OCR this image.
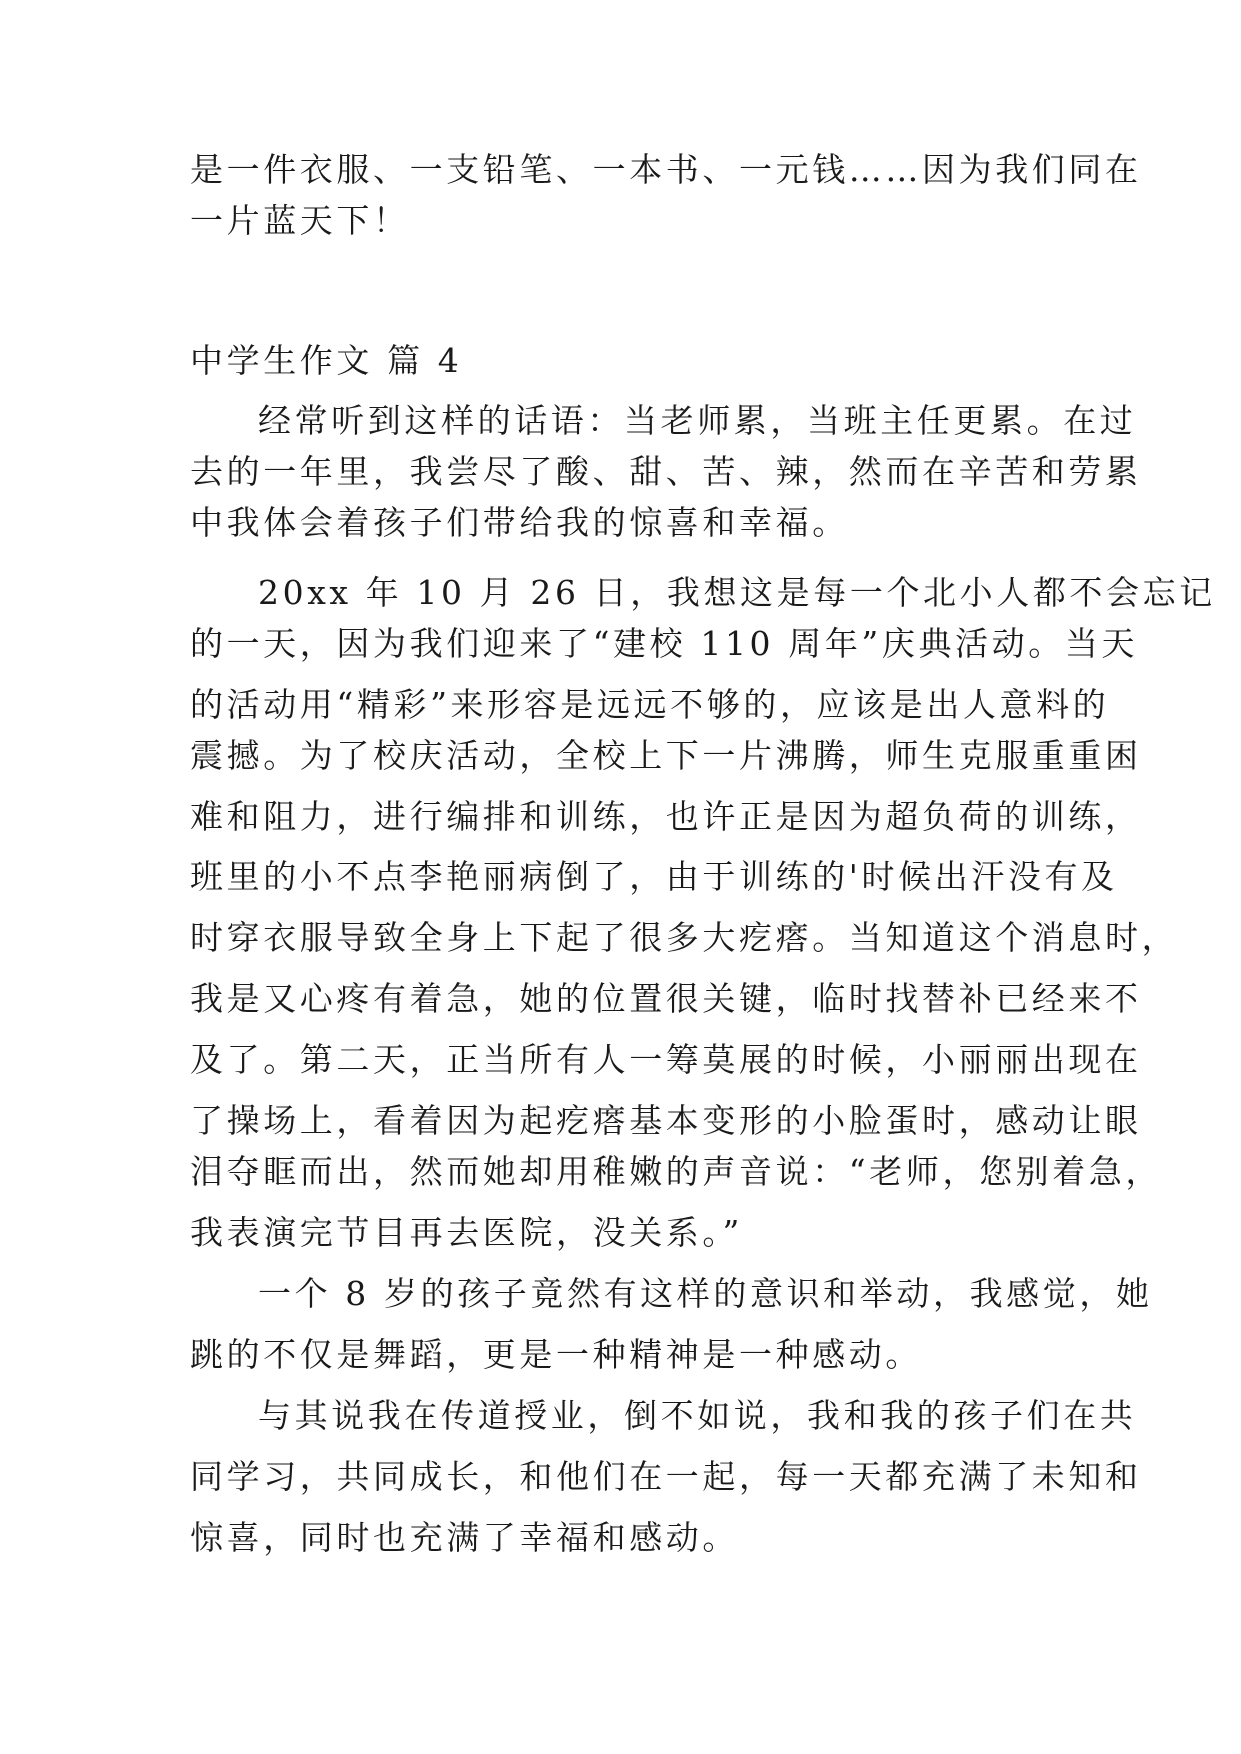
是一件衣服、一支铅笔、一本书、一元钱……因为我们同在
一片蓝天下！
中学生作文 篇 4
经常听到这样的话语：当老师累，当班主任更累。在过
去的一年里，我尝尽了酸、甜、苦、辣，然而在辛苦和劳累
中我体会着孩子们带给我的惊喜和幸福。
20xx 年 10 月 26 日，我想这是每一个北小人都不会忘记
的一天，因为我们迎来了“建校 110 周年”庆典活动。当天
的活动用“精彩”来形容是远远不够的，应该是出人意料的
震撼。为了校庆活动，全校上下一片沸腾，师生克服重重困
难和阻力，进行编排和训练，也许正是因为超负荷的训练，
班里的小不点李艳丽病倒了，由于训练的'时候出汗没有及
时穿衣服导致全身上下起了很多大疙瘩。当知道这个消息时，
我是又心疼有着急，她的位置很关键，临时找替补已经来不
及了。第二天，正当所有人一筹莫展的时候，小丽丽出现在
了操场上，看着因为起疙瘩基本变形的小脸蛋时，感动让眼
泪夺眶而出，然而她却用稚嫩的声音说：“老师，您别着急，
我表演完节目再去医院，没关系。”
一个 8 岁的孩子竟然有这样的意识和举动，我感觉，她
跳的不仅是舞蹈，更是一种精神是一种感动。
与其说我在传道授业，倒不如说，我和我的孩子们在共
同学习，共同成长，和他们在一起，每一天都充满了未知和
惊喜，同时也充满了幸福和感动。
